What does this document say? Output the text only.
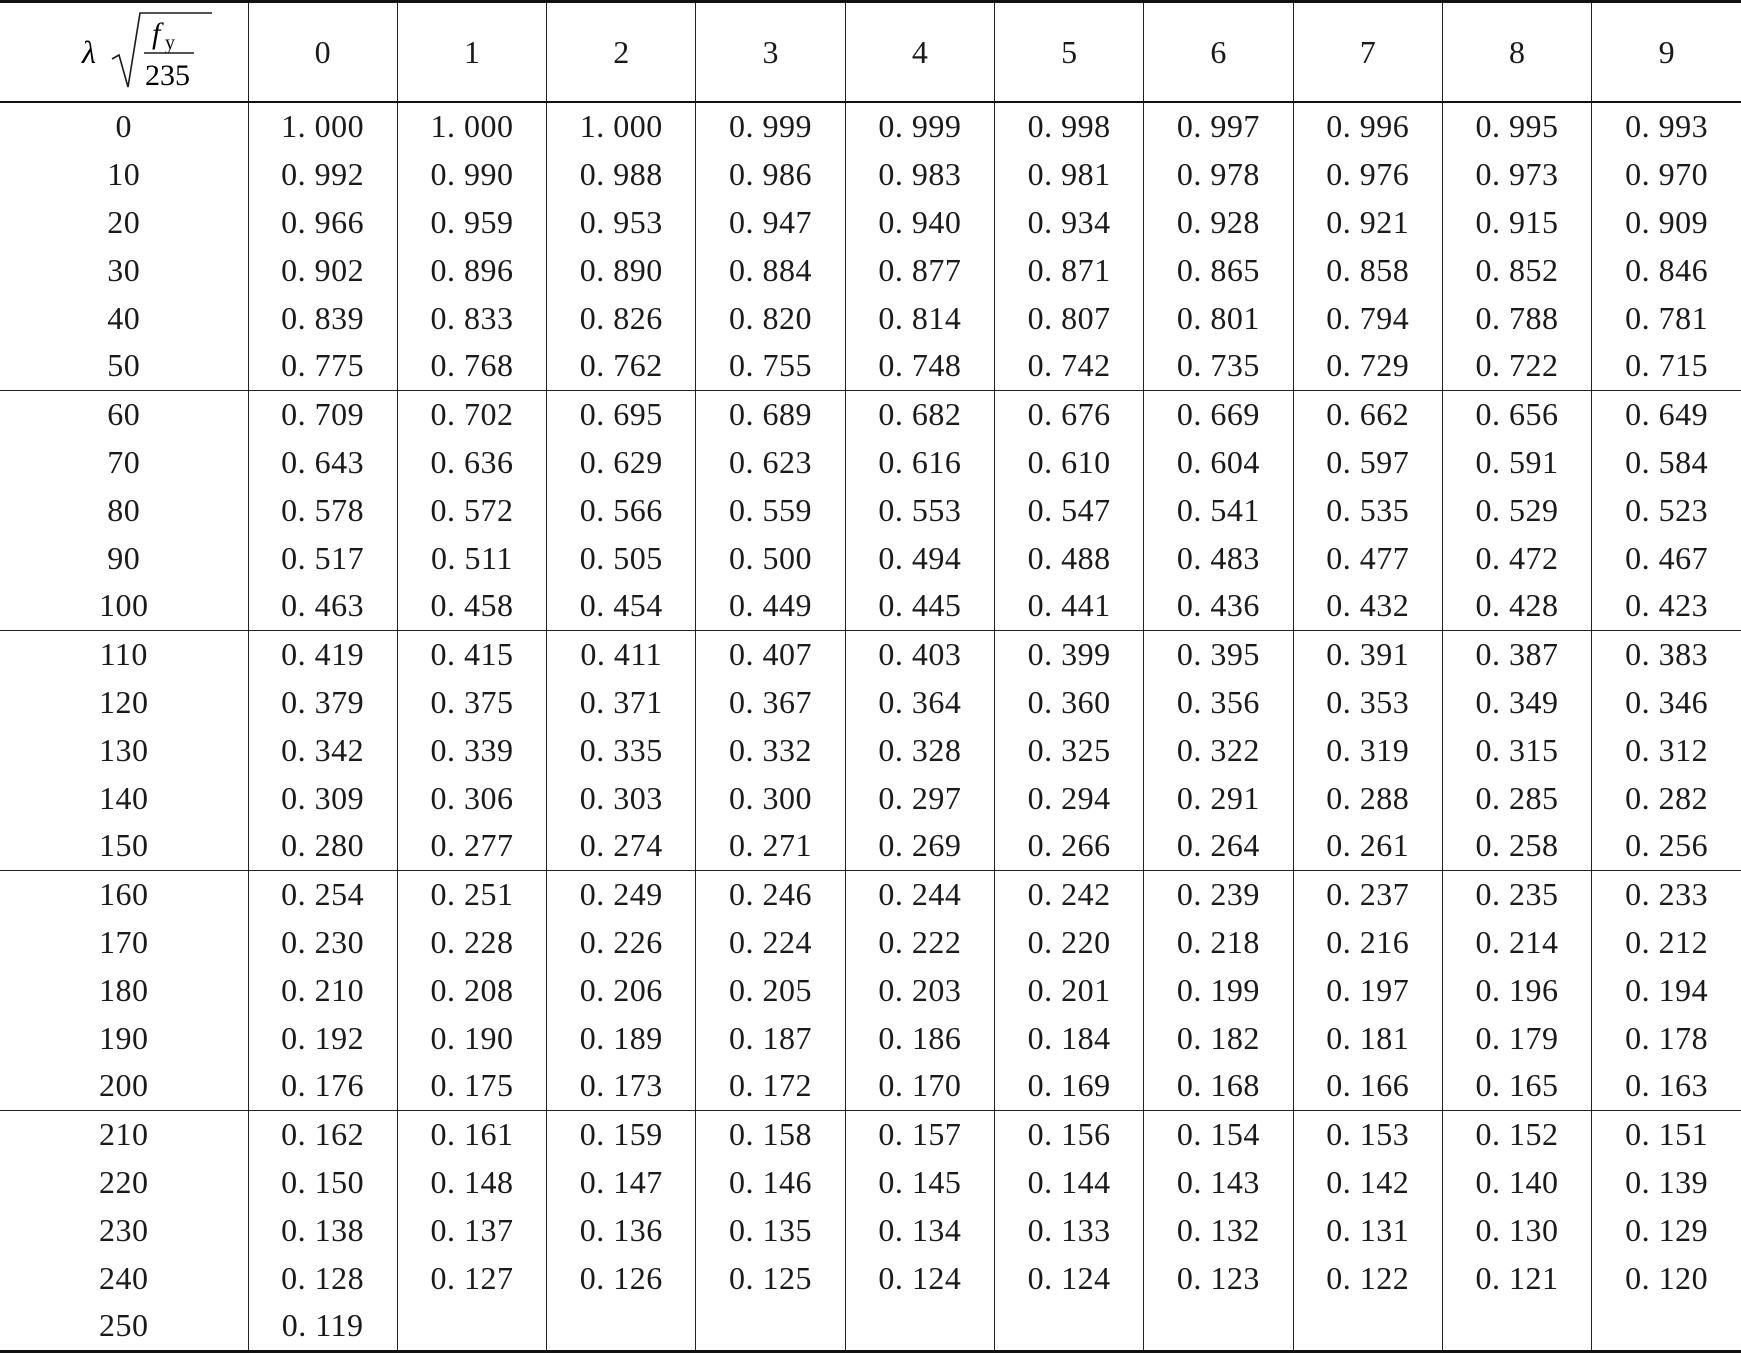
λ
f y
235	0	1	2	3	4	5	6	7	8	9
0	1. 000	1. 000	1. 000	0. 999	0. 999	0. 998	0. 997	0. 996	0. 995	0. 993
10	0. 992	0. 990	0. 988	0. 986	0. 983	0. 981	0. 978	0. 976	0. 973	0. 970
20	0. 966	0. 959	0. 953	0. 947	0. 940	0. 934	0. 928	0. 921	0. 915	0. 909
30	0. 902	0. 896	0. 890	0. 884	0. 877	0. 871	0. 865	0. 858	0. 852	0. 846
40	0. 839	0. 833	0. 826	0. 820	0. 814	0. 807	0. 801	0. 794	0. 788	0. 781
50	0. 775	0. 768	0. 762	0. 755	0. 748	0. 742	0. 735	0. 729	0. 722	0. 715
60	0. 709	0. 702	0. 695	0. 689	0. 682	0. 676	0. 669	0. 662	0. 656	0. 649
70	0. 643	0. 636	0. 629	0. 623	0. 616	0. 610	0. 604	0. 597	0. 591	0. 584
80	0. 578	0. 572	0. 566	0. 559	0. 553	0. 547	0. 541	0. 535	0. 529	0. 523
90	0. 517	0. 511	0. 505	0. 500	0. 494	0. 488	0. 483	0. 477	0. 472	0. 467
100	0. 463	0. 458	0. 454	0. 449	0. 445	0. 441	0. 436	0. 432	0. 428	0. 423
110	0. 419	0. 415	0. 411	0. 407	0. 403	0. 399	0. 395	0. 391	0. 387	0. 383
120	0. 379	0. 375	0. 371	0. 367	0. 364	0. 360	0. 356	0. 353	0. 349	0. 346
130	0. 342	0. 339	0. 335	0. 332	0. 328	0. 325	0. 322	0. 319	0. 315	0. 312
140	0. 309	0. 306	0. 303	0. 300	0. 297	0. 294	0. 291	0. 288	0. 285	0. 282
150	0. 280	0. 277	0. 274	0. 271	0. 269	0. 266	0. 264	0. 261	0. 258	0. 256
160	0. 254	0. 251	0. 249	0. 246	0. 244	0. 242	0. 239	0. 237	0. 235	0. 233
170	0. 230	0. 228	0. 226	0. 224	0. 222	0. 220	0. 218	0. 216	0. 214	0. 212
180	0. 210	0. 208	0. 206	0. 205	0. 203	0. 201	0. 199	0. 197	0. 196	0. 194
190	0. 192	0. 190	0. 189	0. 187	0. 186	0. 184	0. 182	0. 181	0. 179	0. 178
200	0. 176	0. 175	0. 173	0. 172	0. 170	0. 169	0. 168	0. 166	0. 165	0. 163
210	0. 162	0. 161	0. 159	0. 158	0. 157	0. 156	0. 154	0. 153	0. 152	0. 151
220	0. 150	0. 148	0. 147	0. 146	0. 145	0. 144	0. 143	0. 142	0. 140	0. 139
230	0. 138	0. 137	0. 136	0. 135	0. 134	0. 133	0. 132	0. 131	0. 130	0. 129
240	0. 128	0. 127	0. 126	0. 125	0. 124	0. 124	0. 123	0. 122	0. 121	0. 120
250	0. 119									
